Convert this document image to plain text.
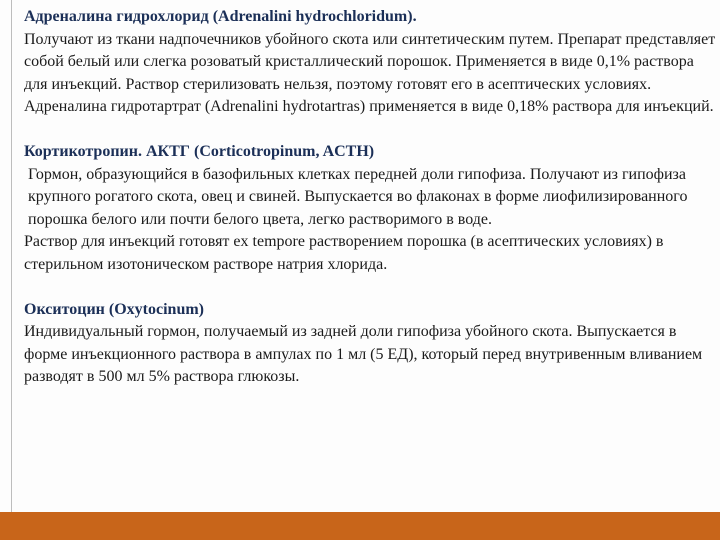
Адреналина гидрохлорид (Adrenalini hydrochloridum).
Получают из ткани надпочечников убойного скота или синтетическим путем. Препарат представляет собой белый или слегка розоватый кристаллический порошок. Применяется в виде 0,1% раствора для инъекций. Раствор стерилизовать нельзя, поэтому готовят его в асептических условиях. Адреналина гидротартрат (Adrenalini hydrotartras) применяется в виде 0,18% раствора для инъекций.
Кортикотропин. АКТГ (Corticotropinum, ACTH)
Гормон, образующийся в базофильных клетках передней доли гипофиза. Получают из гипофиза крупного рогатого скота, овец и свиней. Выпускается во флаконах в форме лиофилизированного порошка белого или почти белого цвета, легко растворимого в воде.
Раствор для инъекций готовят ex tempore растворением порошка (в асептических условиях) в стерильном изотоническом растворе натрия хлорида.
Окситоцин (Oxytocinum)
Индивидуальный гормон, получаемый из задней доли гипофиза убойного скота. Выпускается в форме инъекционного раствора в ампулах по 1 мл (5 ЕД), который перед внутривенным вливанием разводят в 500 мл 5% раствора глюкозы.
